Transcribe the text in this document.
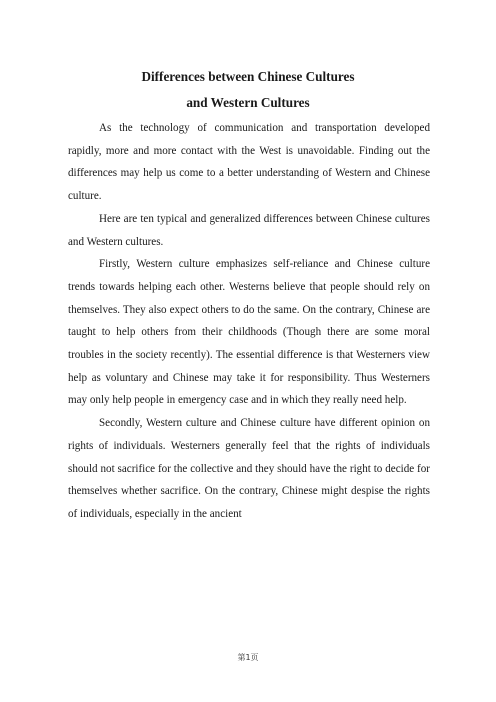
Differences between Chinese Cultures
and Western Cultures

As the technology of communication and transportation developed rapidly, more and more contact with the West is unavoidable. Finding out the differences may help us come to a better understanding of Western and Chinese culture.

Here are ten typical and generalized differences between Chinese cultures and Western cultures.

Firstly, Western culture emphasizes self-reliance and Chinese culture trends towards helping each other. Westerns believe that people should rely on themselves. They also expect others to do the same. On the contrary, Chinese are taught to help others from their childhoods (Though there are some moral troubles in the society recently). The essential difference is that Westerners view help as voluntary and Chinese may take it for responsibility. Thus Westerners may only help people in emergency case and in which they really need help.

Secondly, Western culture and Chinese culture have different opinion on rights of individuals. Westerners generally feel that the rights of individuals should not sacrifice for the collective and they should have the right to decide for themselves whether sacrifice. On the contrary, Chinese might despise the rights of individuals, especially in the ancient

第1页
